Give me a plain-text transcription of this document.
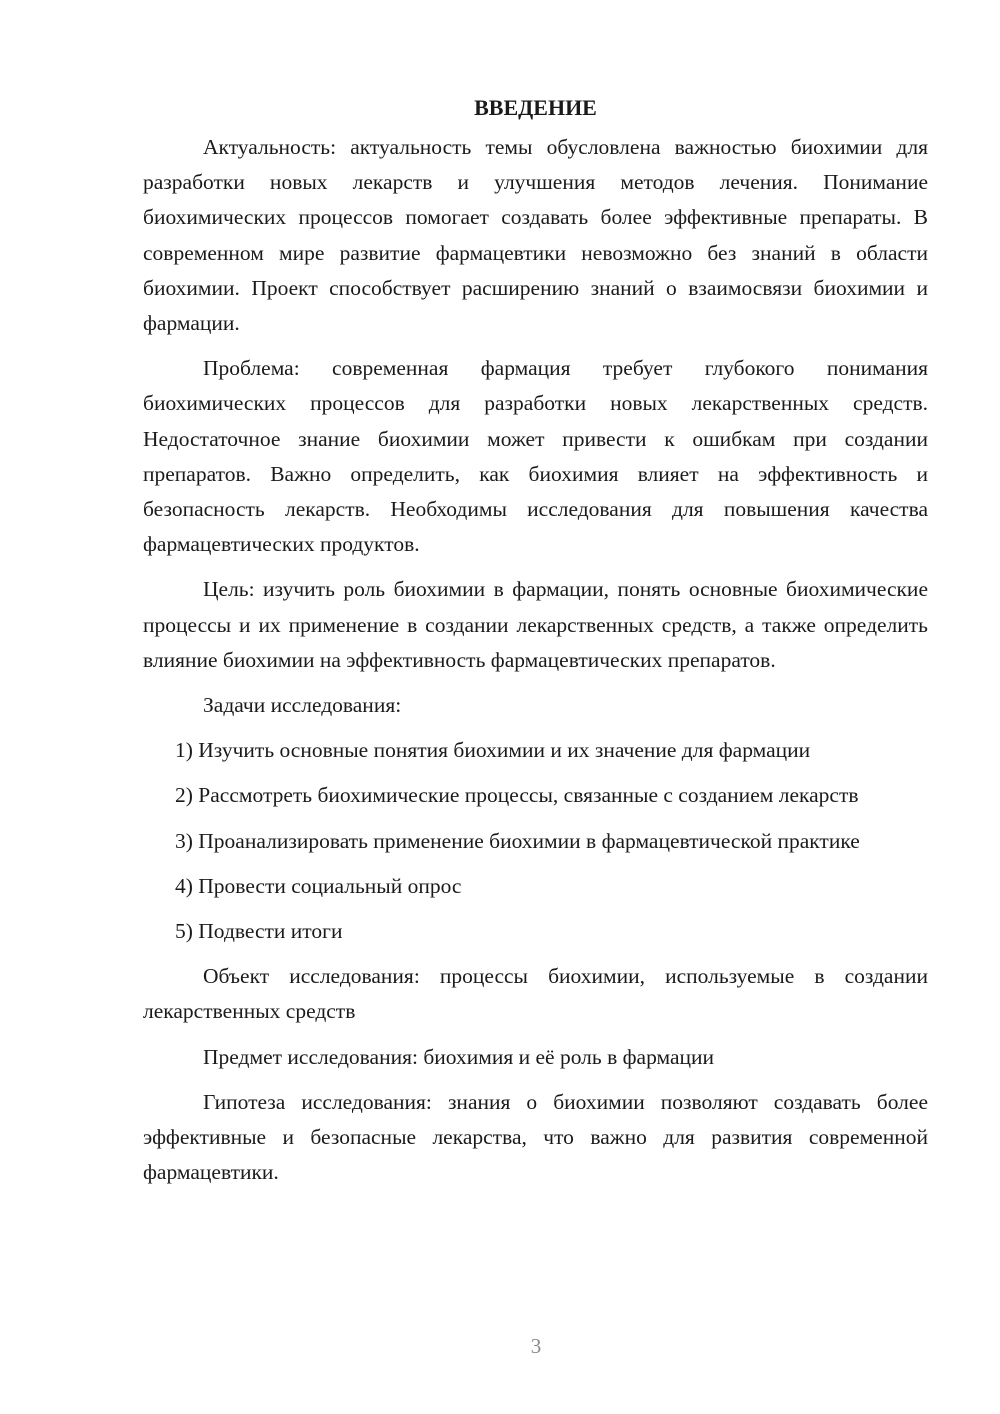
ВВЕДЕНИЕ

Актуальность: актуальность темы обусловлена важностью биохимии для разработки новых лекарств и улучшения методов лечения. Понимание биохимических процессов помогает создавать более эффективные препараты. В современном мире развитие фармацевтики невозможно без знаний в области биохимии. Проект способствует расширению знаний о взаимосвязи биохимии и фармации.

Проблема: современная фармация требует глубокого понимания биохимических процессов для разработки новых лекарственных средств. Недостаточное знание биохимии может привести к ошибкам при создании препаратов. Важно определить, как биохимия влияет на эффективность и безопасность лекарств. Необходимы исследования для повышения качества фармацевтических продуктов.

Цель: изучить роль биохимии в фармации, понять основные биохимические процессы и их применение в создании лекарственных средств, а также определить влияние биохимии на эффективность фармацевтических препаратов.

Задачи исследования:

1) Изучить основные понятия биохимии и их значение для фармации

2) Рассмотреть биохимические процессы, связанные с созданием лекарств

3) Проанализировать применение биохимии в фармацевтической практике

4) Провести социальный опрос

5) Подвести итоги

Объект исследования: процессы биохимии, используемые в создании лекарственных средств

Предмет исследования: биохимия и её роль в фармации

Гипотеза исследования: знания о биохимии позволяют создавать более эффективные и безопасные лекарства, что важно для развития современной фармацевтики.

3
